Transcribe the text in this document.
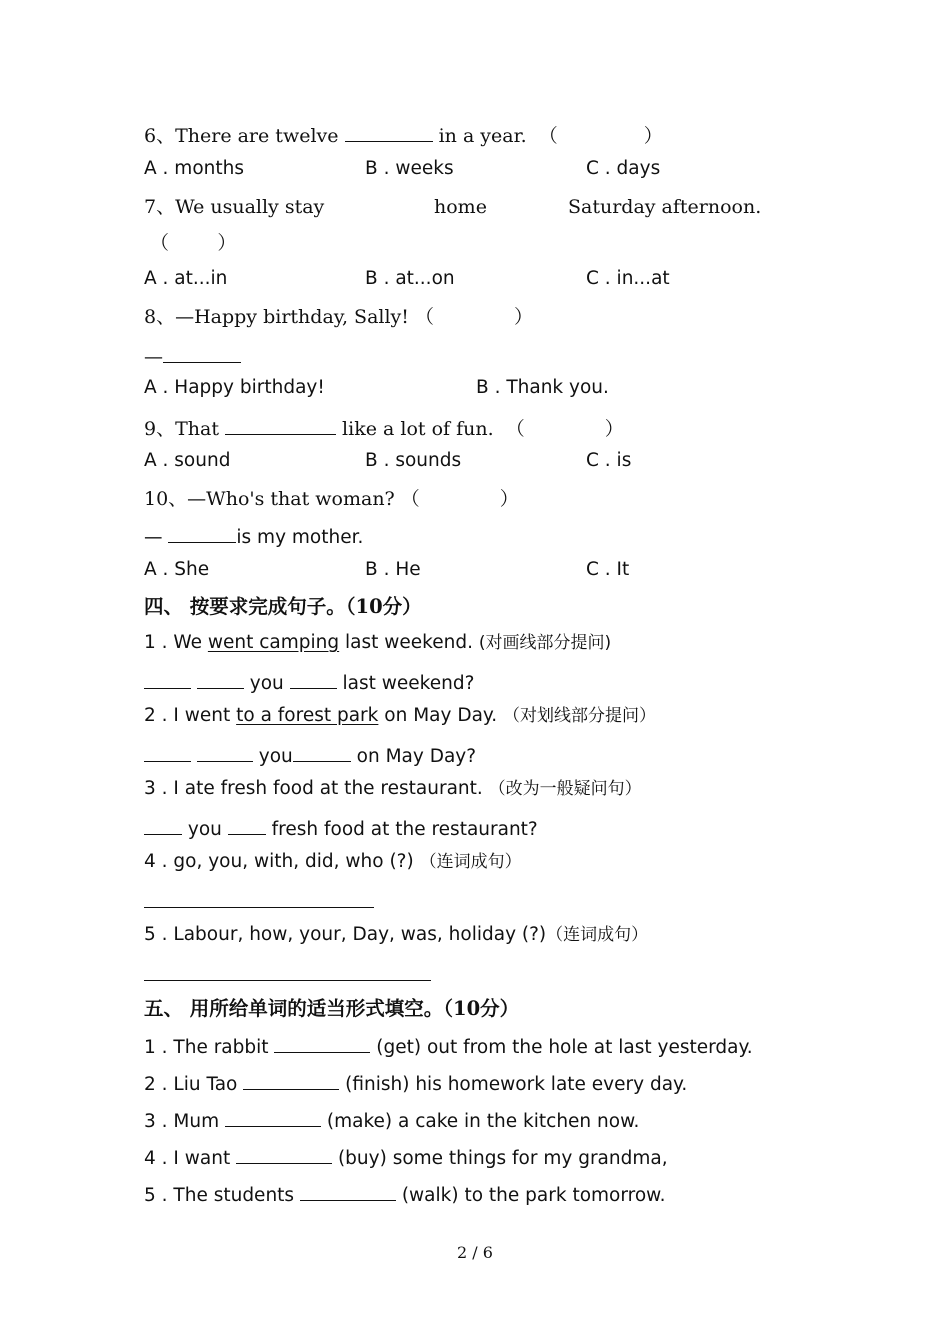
6、There are twelve	in a year.  （	）

A . months

	B . weeks

	C . days

7、We usually stay

	home

	Saturday afternoon.

（        ）

A . at...in

	B . at...on

	C . in...at

8、—Happy birthday, Sally! （	）
—

A . Happy birthday!

	B . Thank you.

9、That	like a lot of fun.  （	）

A . sound

	B . sounds

	C . is

10、—Who's that woman? （	）
—	is my mother.

A . She

	B . He

	C . It

四、 按要求完成句子。（10分）
1 . We went camping last weekend. (对画线部分提问)
you	last weekend?
2 . I went to a forest park on May Day. （对划线部分提问）
you	on May Day?
3 . I ate fresh food at the restaurant. （改为一般疑问句）
you  fresh food at the restaurant?
4 . go, you, with, did, who (?) （连词成句）
5 . Labour, how, your, Day, was, holiday (?)（连词成句）
五、 用所给单词的适当形式填空。（10分）
1 . The rabbit	(get) out from the hole at last yesterday.
2 . Liu Tao	(finish) his homework late every day.
3 . Mum	(make) a cake in the kitchen now.
4 . I want	(buy) some things for my grandma,
5 . The students	(walk) to the park tomorrow.
2 / 6
